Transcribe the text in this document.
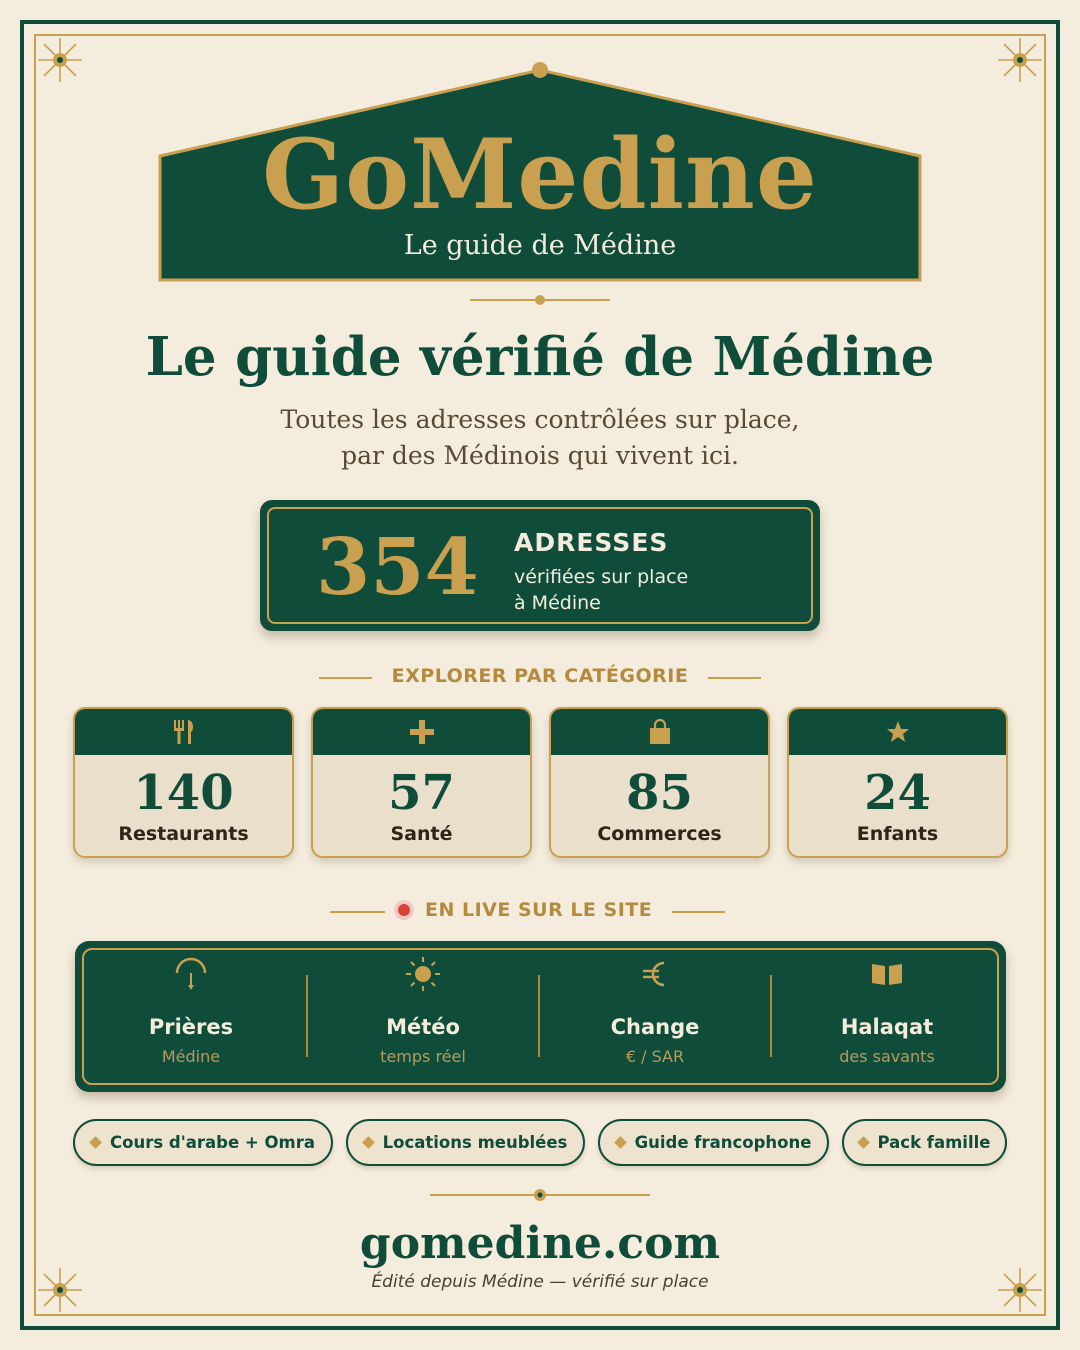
GoMedine
Le guide de Médine
Le guide vérifié de Médine
Toutes les adresses contrôlées sur place,
par des Médinois qui vivent ici.
354 ADRESSES
vérifiées sur place
à Médine
EXPLORER PAR CATÉGORIE
140
Restaurants
57
Santé
85
Commerces
24
Enfants
EN LIVE SUR LE SITE
Prières
Médine
Météo
temps réel
Change
€ / SAR
Halaqat
des savants
Cours d'arabe + Omra	Locations meublées	Guide francophone	Pack famille
gomedine.com
Édité depuis Médine — vérifié sur place
